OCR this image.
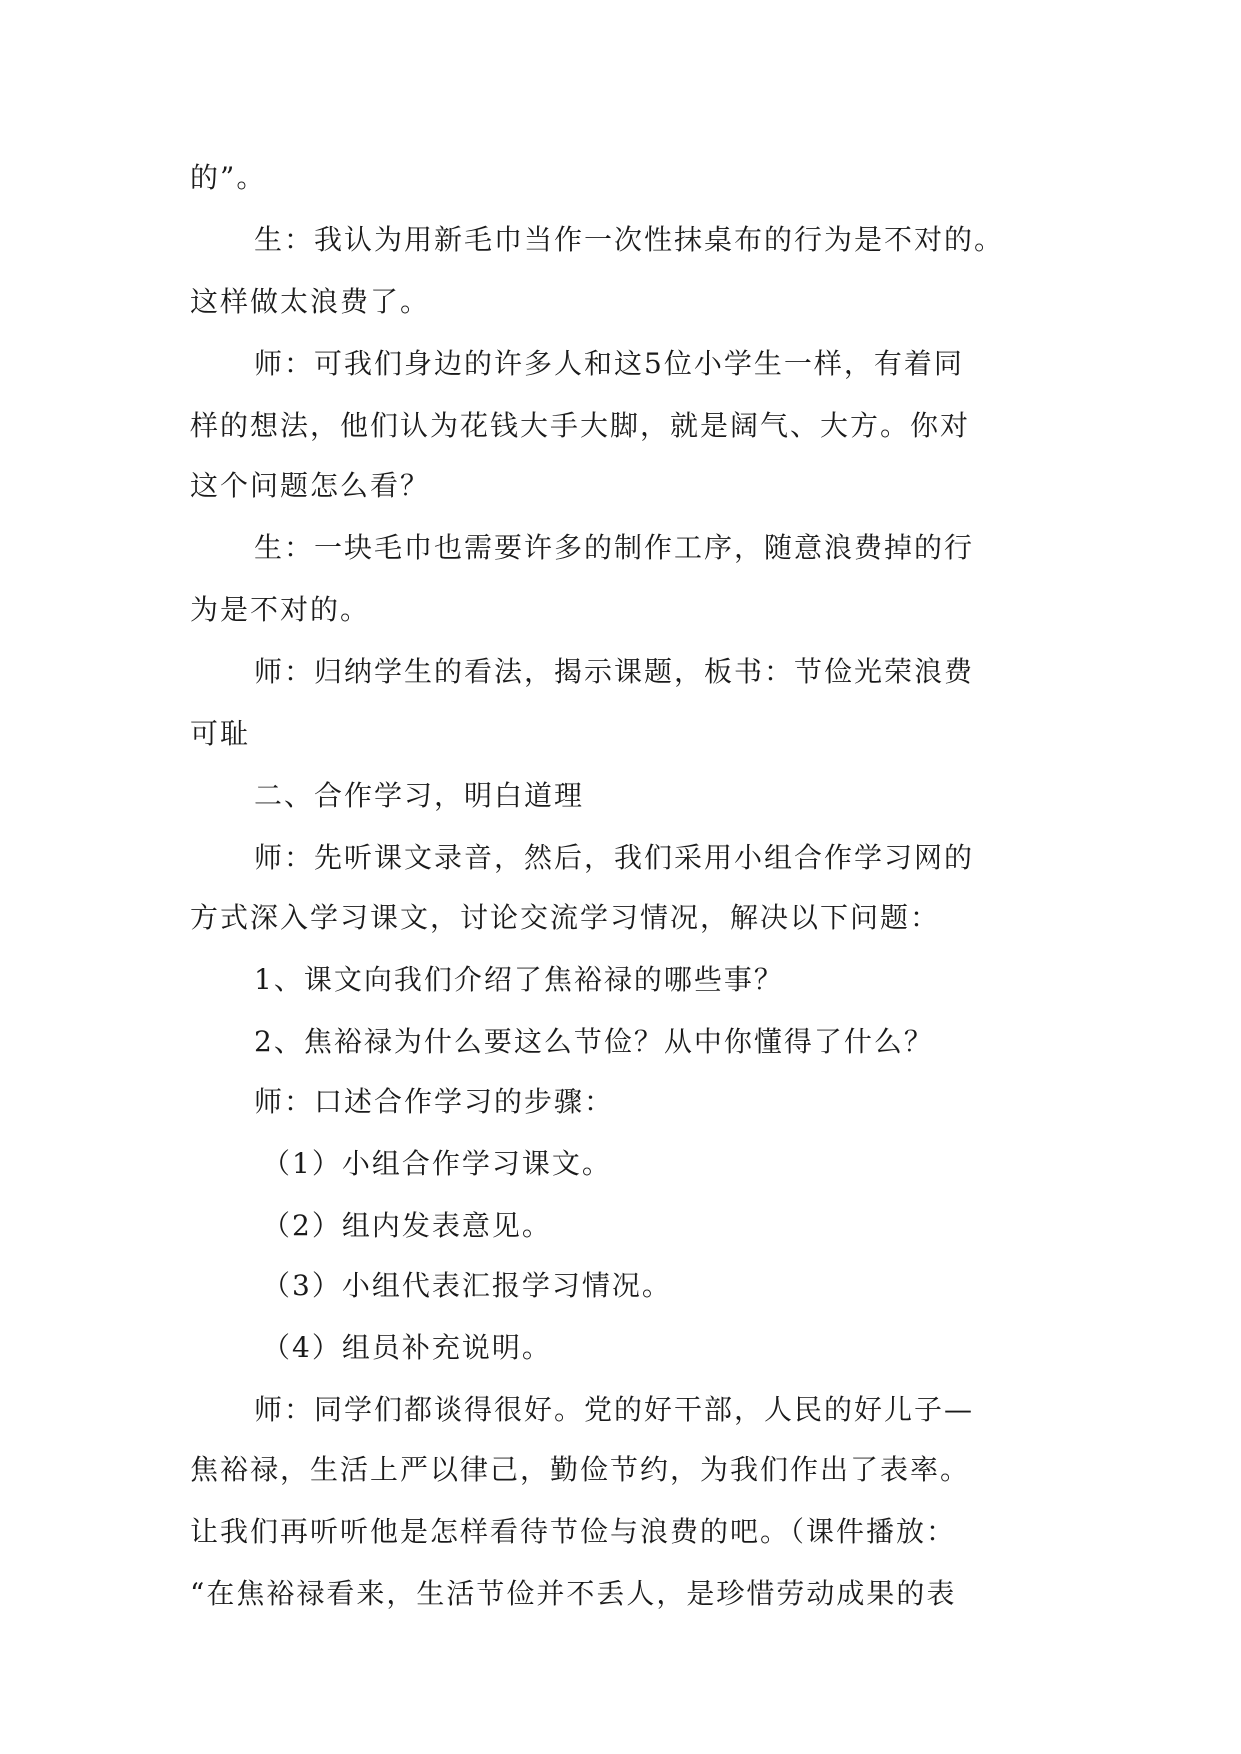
的”。
生：我认为用新毛巾当作一次性抹桌布的行为是不对的。
这样做太浪费了。
师：可我们身边的许多人和这5位小学生一样，有着同
样的想法，他们认为花钱大手大脚，就是阔气、大方。你对
这个问题怎么看？
生：一块毛巾也需要许多的制作工序，随意浪费掉的行
为是不对的。
师：归纳学生的看法，揭示课题，板书：节俭光荣浪费
可耻
二、合作学习，明白道理
师：先听课文录音，然后，我们采用小组合作学习网的
方式深入学习课文，讨论交流学习情况，解决以下问题：
1、课文向我们介绍了焦裕禄的哪些事？
2、焦裕禄为什么要这么节俭？从中你懂得了什么？
师：口述合作学习的步骤：
（1）小组合作学习课文。
（2）组内发表意见。
（3）小组代表汇报学习情况。
（4）组员补充说明。
师：同学们都谈得很好。党的好干部，人民的好儿子—
焦裕禄，生活上严以律己，勤俭节约，为我们作出了表率。
让我们再听听他是怎样看待节俭与浪费的吧。（课件播放：
“在焦裕禄看来，生活节俭并不丢人，是珍惜劳动成果的表
